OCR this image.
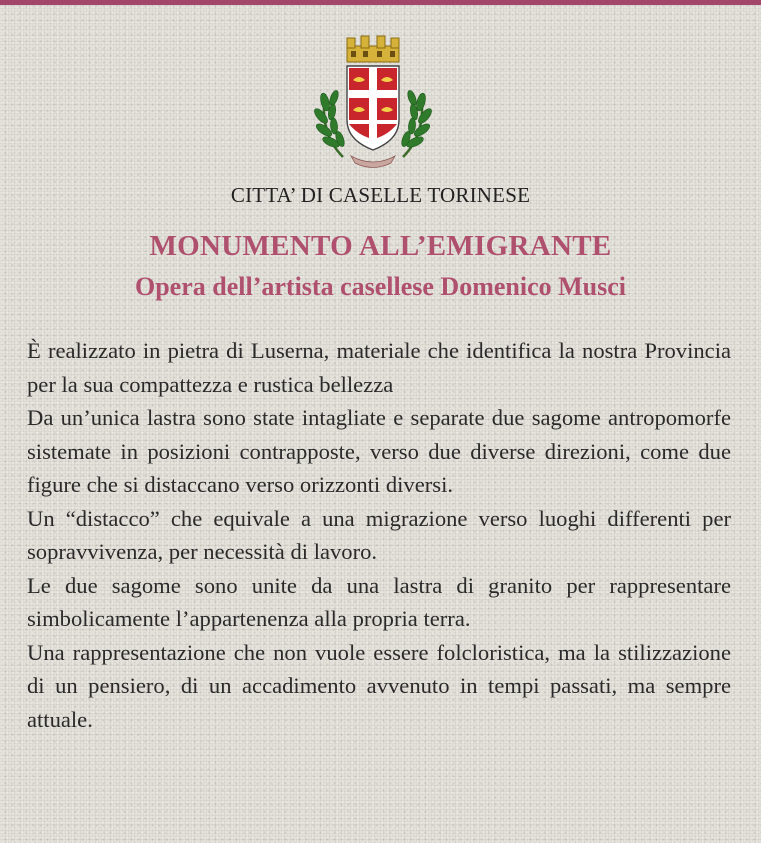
CITTA’ DI CASELLE TORINESE
MONUMENTO ALL’EMIGRANTE
Opera dell’artista casellese Domenico Musci

È realizzato in pietra di Luserna, materiale che identifica la nostra Provincia per la sua compattezza e rustica bellezza

Da un’unica lastra sono state intagliate e separate due sagome antropomorfe sistemate in posizioni contrapposte, verso due diverse direzioni, come due figure che si distaccano verso orizzonti diversi.

Un “distacco” che equivale a una migrazione verso luoghi differenti per sopravvivenza, per necessità di lavoro.

Le due sagome sono unite da una lastra di granito per rappresentare simbolicamente l’appartenenza alla propria terra.

Una rappresentazione che non vuole essere folcloristica, ma la stilizzazione di un pensiero, di un accadimento avvenuto in tempi passati, ma sempre attuale.
